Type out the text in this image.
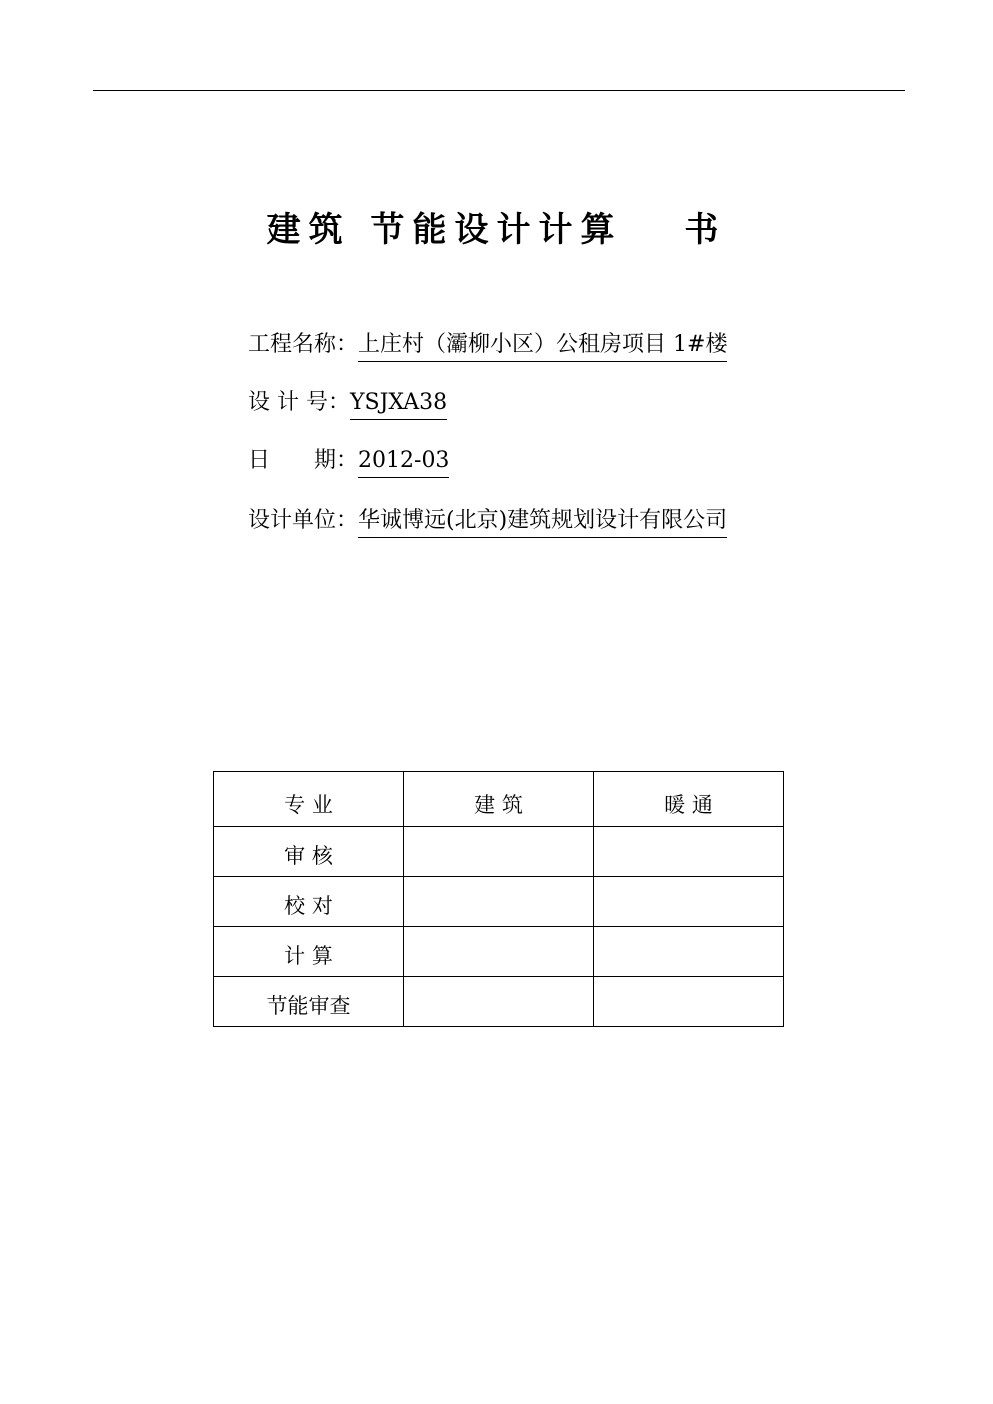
建筑 节能设计计算　 书

工程名称：上庄村（灞柳小区）公租房项目 1#楼

设 计 号：YSJXA38

日　　期：2012-03

设计单位：华诚博远(北京)建筑规划设计有限公司

专 业	建 筑	暖 通
审 核		
校 对		
计 算		
节能审查		
